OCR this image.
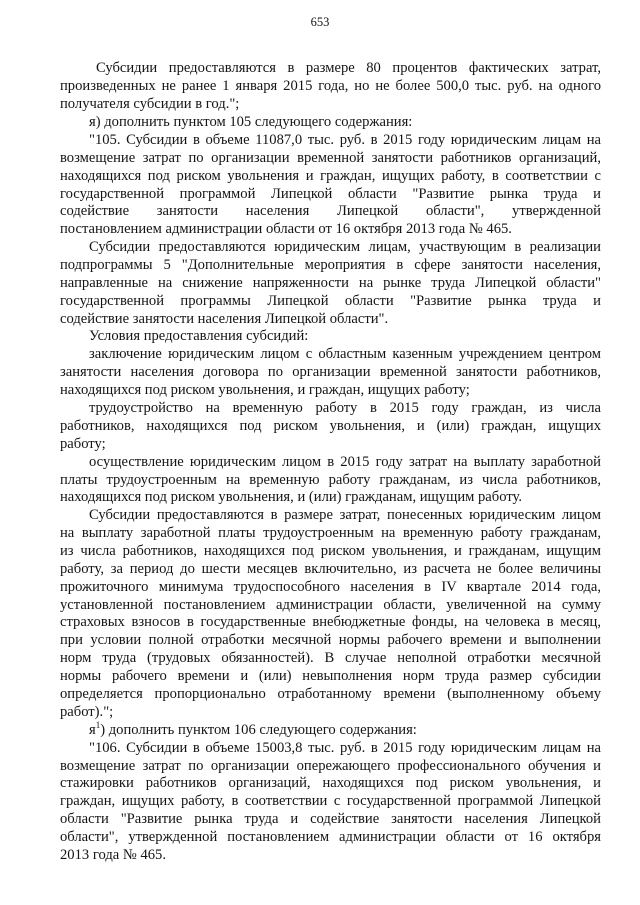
653
Субсидии предоставляются в размере 80 процентов фактических затрат,
произведенных не ранее 1 января 2015 года, но не более 500,0 тыс. руб. на одного
получателя субсидии в год.";
я) дополнить пунктом 105 следующего содержания:
"105. Субсидии в объеме 11087,0 тыс. руб. в 2015 году юридическим лицам на
возмещение затрат по организации временной занятости работников организаций,
находящихся под риском увольнения и граждан, ищущих работу, в соответствии с
государственной программой Липецкой области "Развитие рынка труда и
содействие занятости населения Липецкой области", утвержденной
постановлением администрации области от 16 октября 2013 года № 465.
Субсидии предоставляются юридическим лицам, участвующим в реализации
подпрограммы 5 "Дополнительные мероприятия в сфере занятости населения,
направленные на снижение напряженности на рынке труда Липецкой области"
государственной программы Липецкой области "Развитие рынка труда и
содействие занятости населения Липецкой области".
Условия предоставления субсидий:
заключение юридическим лицом с областным казенным учреждением центром
занятости населения договора по организации временной занятости работников,
находящихся под риском увольнения, и граждан, ищущих работу;
трудоустройство на временную работу в 2015 году граждан, из числа
работников, находящихся под риском увольнения, и (или) граждан, ищущих
работу;
осуществление юридическим лицом в 2015 году затрат на выплату заработной
платы трудоустроенным на временную работу гражданам, из числа работников,
находящихся под риском увольнения, и (или) гражданам, ищущим работу.
Субсидии предоставляются в размере затрат, понесенных юридическим лицом
на выплату заработной платы трудоустроенным на временную работу гражданам,
из числа работников, находящихся под риском увольнения, и гражданам, ищущим
работу, за период до шести месяцев включительно, из расчета не более величины
прожиточного минимума трудоспособного населения в IV квартале 2014 года,
установленной постановлением администрации области, увеличенной на сумму
страховых взносов в государственные внебюджетные фонды, на человека в месяц,
при условии полной отработки месячной нормы рабочего времени и выполнении
норм труда (трудовых обязанностей). В случае неполной отработки месячной
нормы рабочего времени и (или) невыполнения норм труда размер субсидии
определяется пропорционально отработанному времени (выполненному объему
работ).";
$я^1$) дополнить пунктом 106 следующего содержания:
"106. Субсидии в объеме 15003,8 тыс. руб. в 2015 году юридическим лицам на
возмещение затрат по организации опережающего профессионального обучения и
стажировки работников организаций, находящихся под риском увольнения, и
граждан, ищущих работу, в соответствии с государственной программой Липецкой
области "Развитие рынка труда и содействие занятости населения Липецкой
области", утвержденной постановлением администрации области от 16 октября
2013 года № 465.
